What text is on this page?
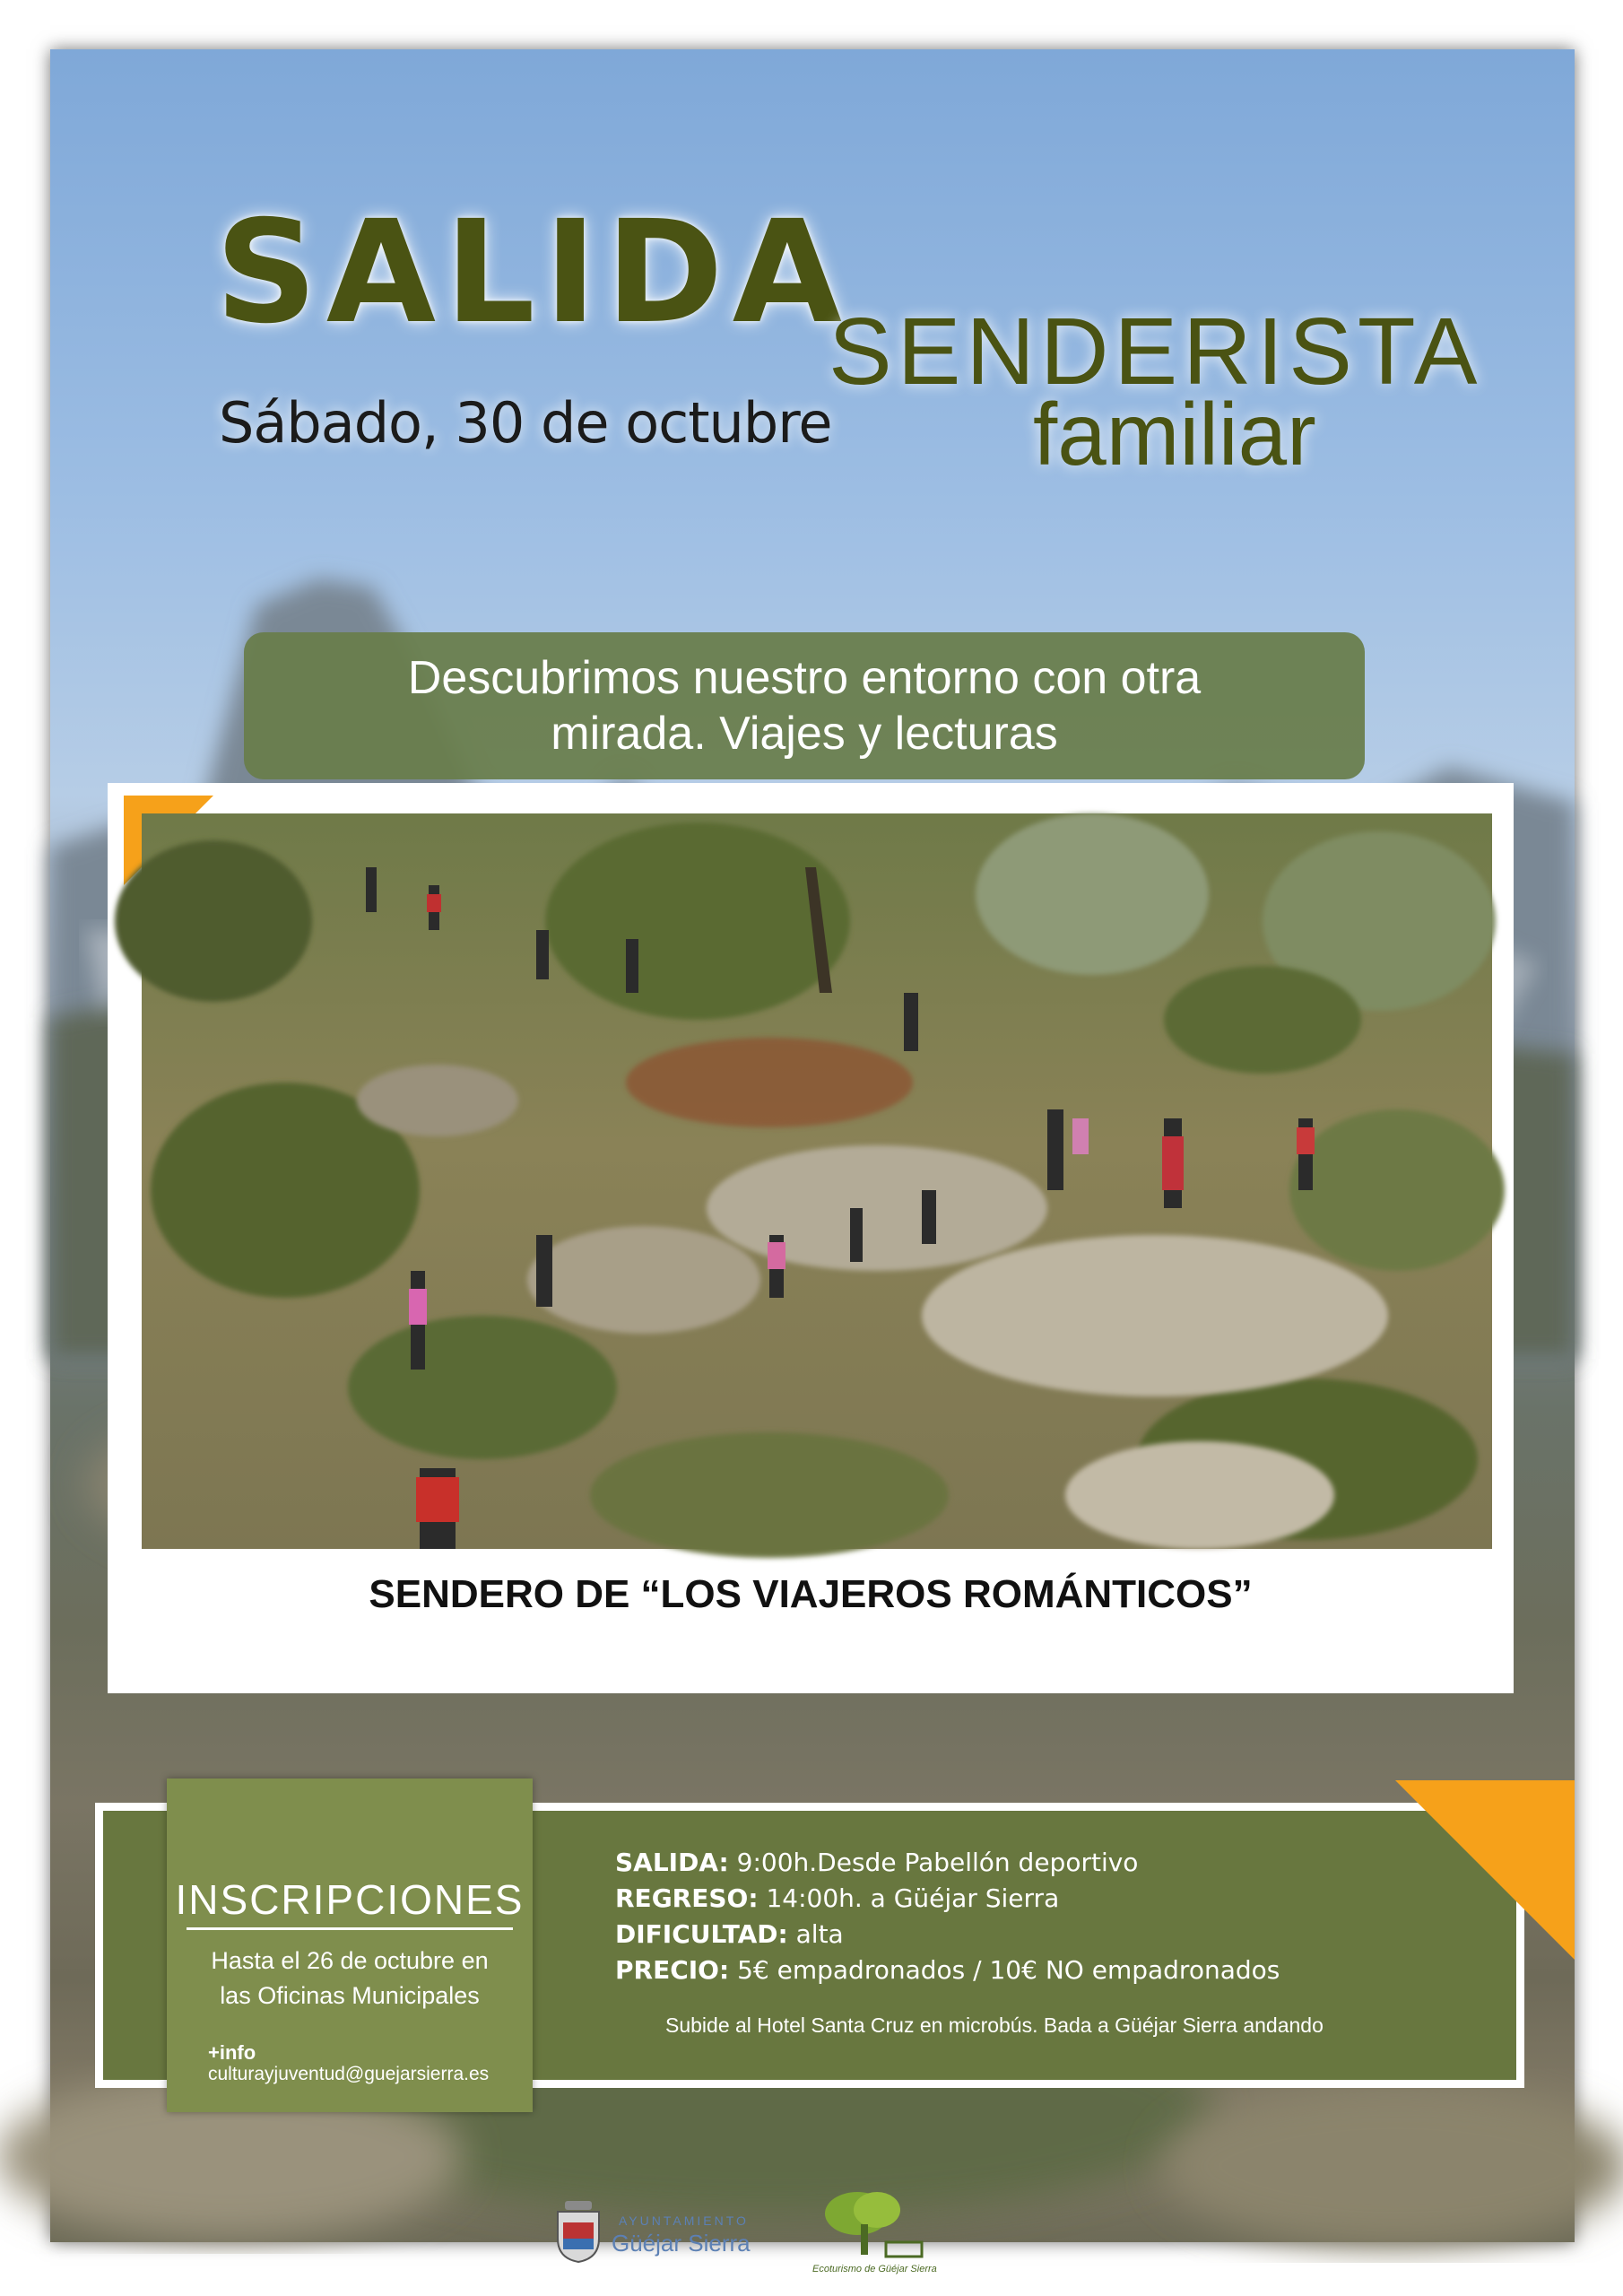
SALIDA
SENDERISTA
familiar
Sábado, 30 de octubre
Descubrimos nuestro entorno con otra mirada. Viajes y lecturas
SENDERO DE “LOS VIAJEROS ROMÁNTICOS”
INSCRIPCIONES
Hasta el 26 de octubre en
las Oficinas Municipales
+info
culturayjuventud@guejarsierra.es
SALIDA: 9:00h.Desde Pabellón deportivo
REGRESO: 14:00h. a Güéjar Sierra
DIFICULTAD: alta
PRECIO: 5€ empadronados / 10€ NO empadronados
Subide al Hotel Santa Cruz en microbús. Bada a Güéjar Sierra andando
AYUNTAMIENTO
Güéjar Sierra
Ecoturismo de Güéjar Sierra
